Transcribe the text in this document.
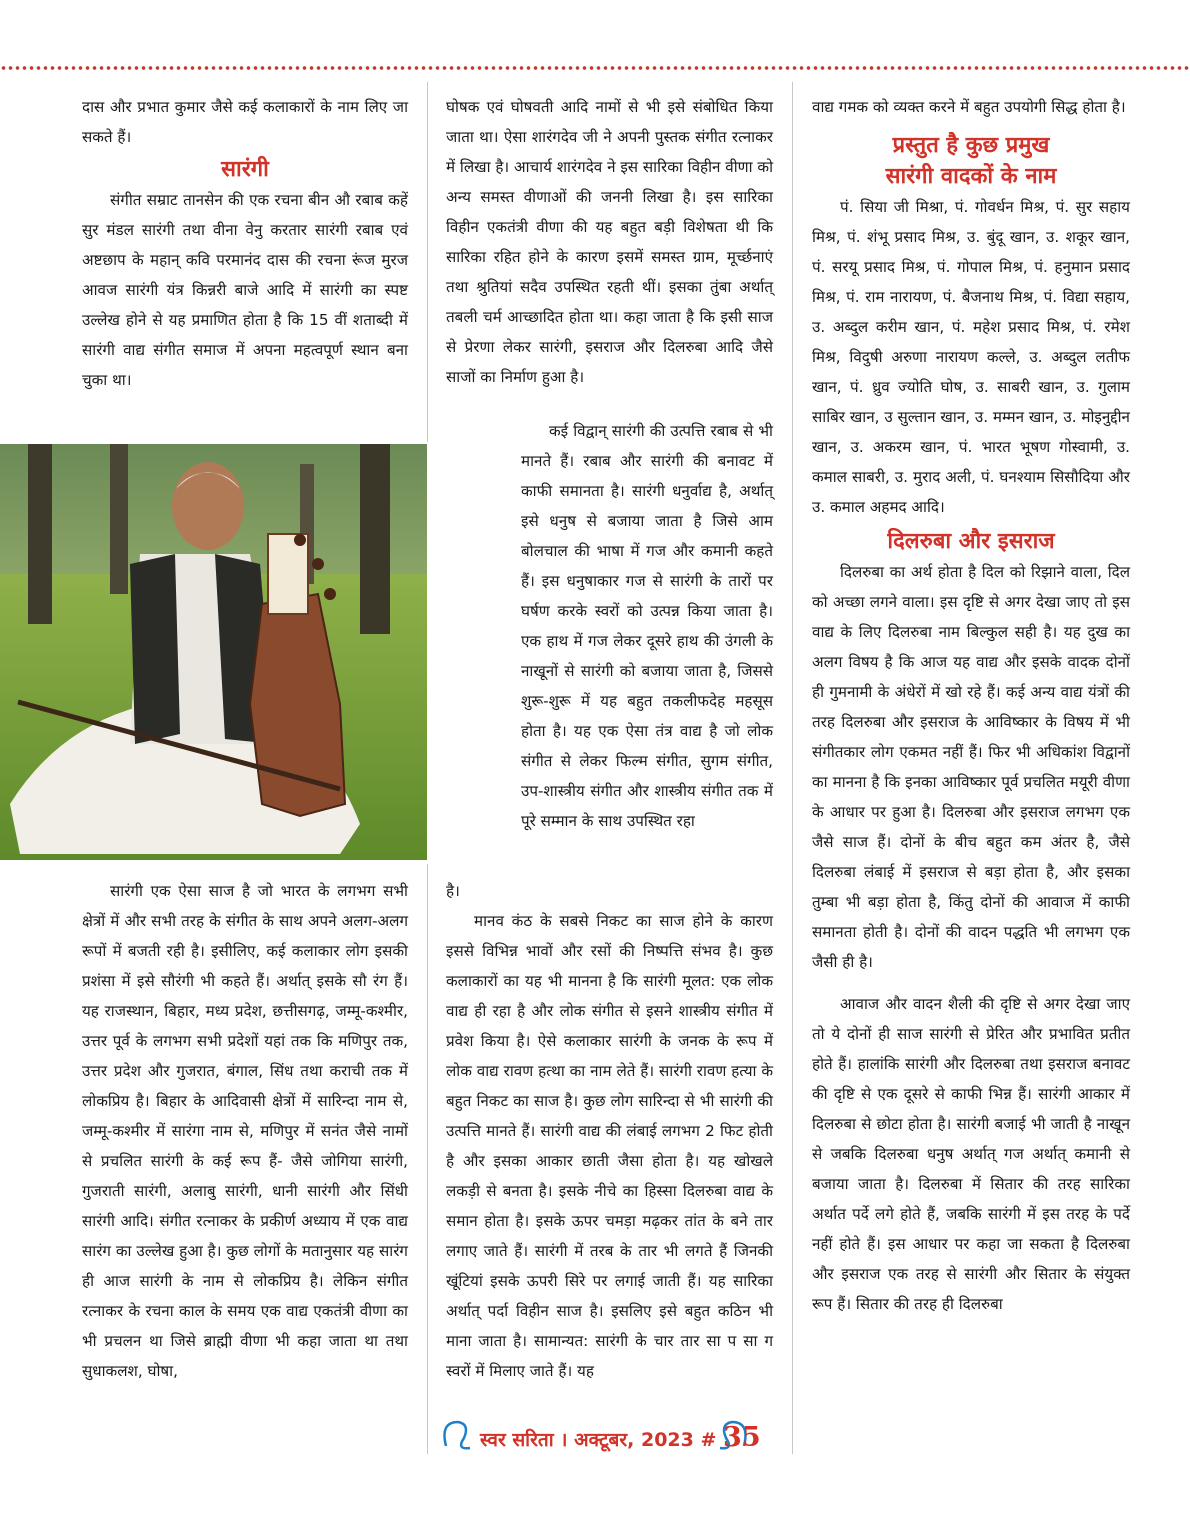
दास और प्रभात कुमार जैसे कई कलाकारों के नाम लिए जा सकते हैं।

सारंगी

संगीत सम्राट तानसेन की एक रचना बीन औ रबाब कहें सुर मंडल सारंगी तथा वीना वेनु करतार सारंगी रबाब एवं अष्टछाप के महान् कवि परमानंद दास की रचना रूंज मुरज आवज सारंगी यंत्र किन्नरी बाजे आदि में सारंगी का स्पष्ट उल्लेख होने से यह प्रमाणित होता है कि 15 वीं शताब्दी में सारंगी वाद्य संगीत समाज में अपना महत्वपूर्ण स्थान बना चुका था।

सारंगी एक ऐसा साज है जो भारत के लगभग सभी क्षेत्रों में और सभी तरह के संगीत के साथ अपने अलग-अलग रूपों में बजती रही है। इसीलिए, कई कलाकार लोग इसकी प्रशंसा में इसे सौरंगी भी कहते हैं। अर्थात् इसके सौ रंग हैं। यह राजस्थान, बिहार, मध्य प्रदेश, छत्तीसगढ़, जम्मू-कश्मीर, उत्तर पूर्व के लगभग सभी प्रदेशों यहां तक कि मणिपुर तक, उत्तर प्रदेश और गुजरात, बंगाल, सिंध तथा कराची तक में लोकप्रिय है। बिहार के आदिवासी क्षेत्रों में सारिन्दा नाम से, जम्मू-कश्मीर में सारंगा नाम से, मणिपुर में सनंत जैसे नामों से प्रचलित सारंगी के कई रूप हैं- जैसे जोगिया सारंगी, गुजराती सारंगी, अलाबु सारंगी, धानी सारंगी और सिंधी सारंगी आदि। संगीत रत्नाकर के प्रकीर्ण अध्याय में एक वाद्य सारंग का उल्लेख हुआ है। कुछ लोगों के मतानुसार यह सारंग ही आज सारंगी के नाम से लोकप्रिय है। लेकिन संगीत रत्नाकर के रचना काल के समय एक वाद्य एकतंत्री वीणा का भी प्रचलन था जिसे ब्राह्मी वीणा भी कहा जाता था तथा सुधाकलश, घोषा,

घोषक एवं घोषवती आदि नामों से भी इसे संबोधित किया जाता था। ऐसा शारंगदेव जी ने अपनी पुस्तक संगीत रत्नाकर में लिखा है। आचार्य शारंगदेव ने इस सारिका विहीन वीणा को अन्य समस्त वीणाओं की जननी लिखा है। इस सारिका विहीन एकतंत्री वीणा की यह बहुत बड़ी विशेषता थी कि सारिका रहित होने के कारण इसमें समस्त ग्राम, मूर्च्छनाएं तथा श्रुतियां सदैव उपस्थित रहती थीं। इसका तुंबा अर्थात् तबली चर्म आच्छादित होता था। कहा जाता है कि इसी साज से प्रेरणा लेकर सारंगी, इसराज और दिलरुबा आदि जैसे साजों का निर्माण हुआ है।

कई विद्वान् सारंगी की उत्पत्ति रबाब से भी मानते हैं। रबाब और सारंगी की बनावट में काफी समानता है। सारंगी धनुर्वाद्य है, अर्थात् इसे धनुष से बजाया जाता है जिसे आम बोलचाल की भाषा में गज और कमानी कहते हैं। इस धनुषाकार गज से सारंगी के तारों पर घर्षण करके स्वरों को उत्पन्न किया जाता है। एक हाथ में गज लेकर दूसरे हाथ की उंगली के नाखूनों से सारंगी को बजाया जाता है, जिससे शुरू-शुरू में यह बहुत तकलीफदेह महसूस होता है। यह एक ऐसा तंत्र वाद्य है जो लोक संगीत से लेकर फिल्म संगीत, सुगम संगीत, उप-शास्त्रीय संगीत और शास्त्रीय संगीत तक में पूरे सम्मान के साथ उपस्थित रहा

है।

मानव कंठ के सबसे निकट का साज होने के कारण इससे विभिन्न भावों और रसों की निष्पत्ति संभव है। कुछ कलाकारों का यह भी मानना है कि सारंगी मूलत: एक लोक वाद्य ही रहा है और लोक संगीत से इसने शास्त्रीय संगीत में प्रवेश किया है। ऐसे कलाकार सारंगी के जनक के रूप में लोक वाद्य रावण हत्था का नाम लेते हैं। सारंगी रावण हत्या के बहुत निकट का साज है। कुछ लोग सारिन्दा से भी सारंगी की उत्पत्ति मानते हैं। सारंगी वाद्य की लंबाई लगभग 2 फिट होती है और इसका आकार छाती जैसा होता है। यह खोखले लकड़ी से बनता है। इसके नीचे का हिस्सा दिलरुबा वाद्य के समान होता है। इसके ऊपर चमड़ा मढ़कर तांत के बने तार लगाए जाते हैं। सारंगी में तरब के तार भी लगते हैं जिनकी खूंटियां इसके ऊपरी सिरे पर लगाई जाती हैं। यह सारिका अर्थात् पर्दा विहीन साज है। इसलिए इसे बहुत कठिन भी माना जाता है। सामान्यत: सारंगी के चार तार सा प सा ग स्वरों में मिलाए जाते हैं। यह

वाद्य गमक को व्यक्त करने में बहुत उपयोगी सिद्ध होता है।

प्रस्तुत है कुछ प्रमुख
सारंगी वादकों के नाम

पं. सिया जी मिश्रा, पं. गोवर्धन मिश्र, पं. सुर सहाय मिश्र, पं. शंभू प्रसाद मिश्र, उ. बुंदू खान, उ. शकूर खान, पं. सरयू प्रसाद मिश्र, पं. गोपाल मिश्र, पं. हनुमान प्रसाद मिश्र, पं. राम नारायण, पं. बैजनाथ मिश्र, पं. विद्या सहाय, उ. अब्दुल करीम खान, पं. महेश प्रसाद मिश्र, पं. रमेश मिश्र, विदुषी अरुणा नारायण कल्ले, उ. अब्दुल लतीफ खान, पं. ध्रुव ज्योति घोष, उ. साबरी खान, उ. गुलाम साबिर खान, उ सुल्तान खान, उ. मम्मन खान, उ. मोइनुद्दीन खान, उ. अकरम खान, पं. भारत भूषण गोस्वामी, उ. कमाल साबरी, उ. मुराद अली, पं. घनश्याम सिसौदिया और उ. कमाल अहमद आदि।

दिलरुबा और इसराज

दिलरुबा का अर्थ होता है दिल को रिझाने वाला, दिल को अच्छा लगने वाला। इस दृष्टि से अगर देखा जाए तो इस वाद्य के लिए दिलरुबा नाम बिल्कुल सही है। यह दुख का अलग विषय है कि आज यह वाद्य और इसके वादक दोनों ही गुमनामी के अंधेरों में खो रहे हैं। कई अन्य वाद्य यंत्रों की तरह दिलरुबा और इसराज के आविष्कार के विषय में भी संगीतकार लोग एकमत नहीं हैं। फिर भी अधिकांश विद्वानों का मानना है कि इनका आविष्कार पूर्व प्रचलित मयूरी वीणा के आधार पर हुआ है। दिलरुबा और इसराज लगभग एक जैसे साज हैं। दोनों के बीच बहुत कम अंतर है, जैसे दिलरुबा लंबाई में इसराज से बड़ा होता है, और इसका तुम्बा भी बड़ा होता है, किंतु दोनों की आवाज में काफी समानता होती है। दोनों की वादन पद्धति भी लगभग एक जैसी ही है।

आवाज और वादन शैली की दृष्टि से अगर देखा जाए तो ये दोनों ही साज सारंगी से प्रेरित और प्रभावित प्रतीत होते हैं। हालांकि सारंगी और दिलरुबा तथा इसराज बनावट की दृष्टि से एक दूसरे से काफी भिन्न हैं। सारंगी आकार में दिलरुबा से छोटा होता है। सारंगी बजाई भी जाती है नाखून से जबकि दिलरुबा धनुष अर्थात् गज अर्थात् कमानी से बजाया जाता है। दिलरुबा में सितार की तरह सारिका अर्थात पर्दे लगे होते हैं, जबकि सारंगी में इस तरह के पर्दे नहीं होते हैं। इस आधार पर कहा जा सकता है दिलरुबा और इसराज एक तरह से सारंगी और सितार के संयुक्त रूप हैं। सितार की तरह ही दिलरुबा

स्वर सरिता । अक्टूबर, 2023 # 35
